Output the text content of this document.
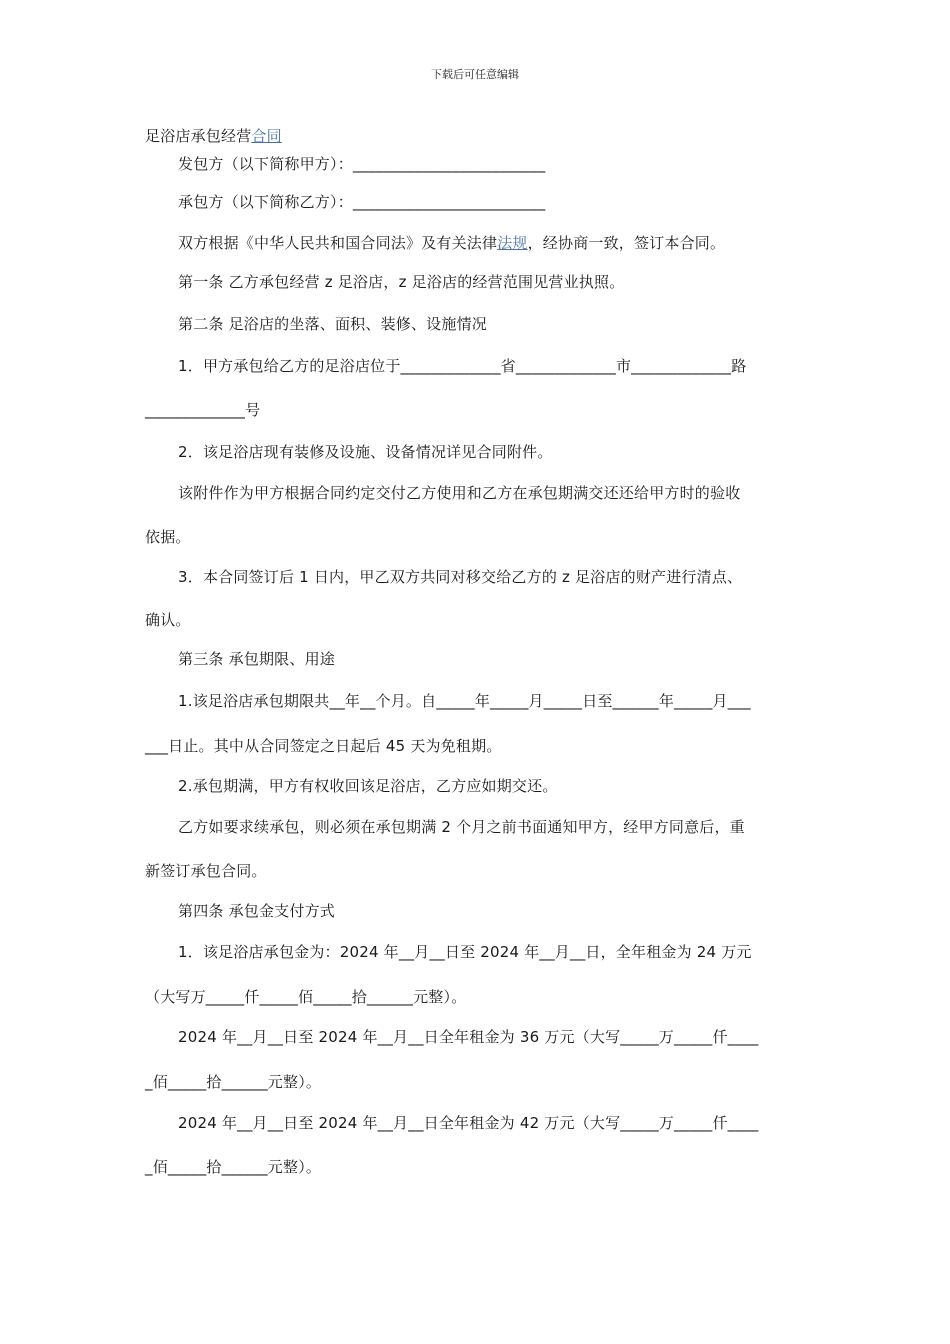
下载后可任意编辑
足浴店承包经营合同
发包方（以下简称甲方）：_________________________
承包方（以下简称乙方）：_________________________
双方根据《中华人民共和国合同法》及有关法律法规，经协商一致，签订本合同。
第一条 乙方承包经营 z 足浴店，z 足浴店的经营范围见营业执照。
第二条 足浴店的坐落、面积、装修、设施情况
1．甲方承包给乙方的足浴店位于_____________省_____________市_____________路
_____________号
2．该足浴店现有装修及设施、设备情况详见合同附件。
该附件作为甲方根据合同约定交付乙方使用和乙方在承包期满交还还给甲方时的验收
依据。
3．本合同签订后 1 日内，甲乙双方共同对移交给乙方的 z 足浴店的财产进行清点、
确认。
第三条 承包期限、用途
1.该足浴店承包期限共__年__个月。自_____年_____月_____日至______年_____月___
___日止。其中从合同签定之日起后 45 天为免租期。
2.承包期满，甲方有权收回该足浴店，乙方应如期交还。
乙方如要求续承包，则必须在承包期满 2 个月之前书面通知甲方，经甲方同意后，重
新签订承包合同。
第四条 承包金支付方式
1．该足浴店承包金为：2024 年__月__日至 2024 年__月__日，全年租金为 24 万元
（大写万_____仟_____佰_____拾______元整）。
2024 年__月__日至 2024 年__月__日全年租金为 36 万元（大写_____万_____仟____
_佰_____拾______元整）。
2024 年__月__日至 2024 年__月__日全年租金为 42 万元（大写_____万_____仟____
_佰_____拾______元整）。
